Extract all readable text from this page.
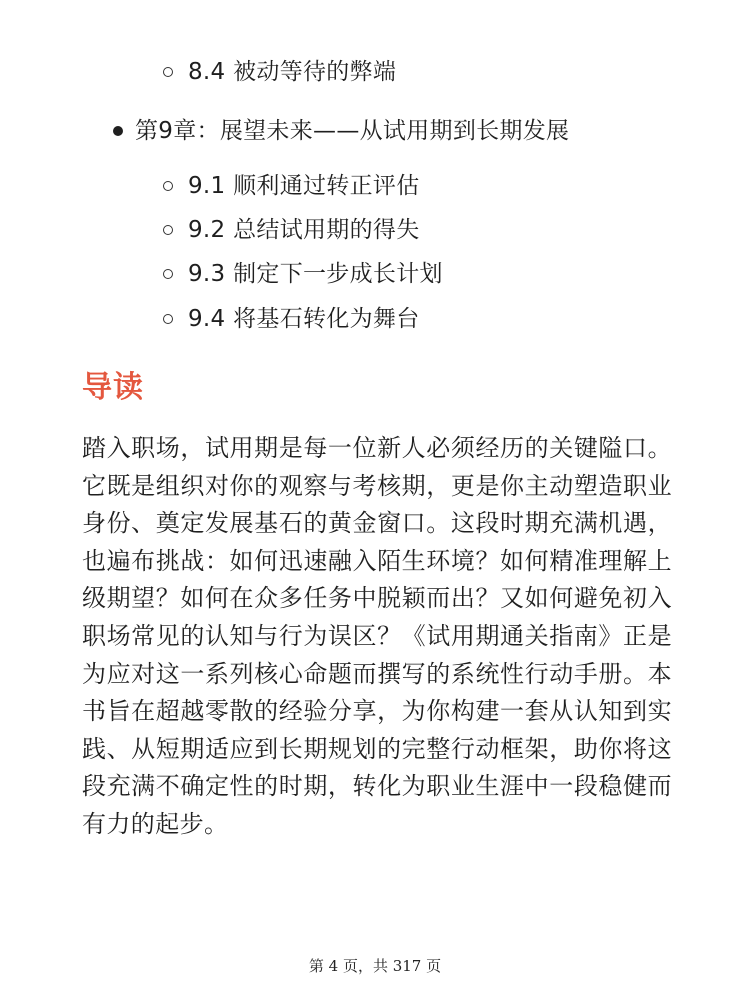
8.4 被动等待的弊端
第9章：展望未来——从试用期到长期发展
9.1 顺利通过转正评估
9.2 总结试用期的得失
9.3 制定下一步成长计划
9.4 将基石转化为舞台
导读

踏入职场，试用期是每一位新人必须经历的关键隘口。它既是组织对你的观察与考核期，更是你主动塑造职业身份、奠定发展基石的黄金窗口。这段时期充满机遇，也遍布挑战：如何迅速融入陌生环境？如何精准理解上级期望？如何在众多任务中脱颖而出？又如何避免初入职场常见的认知与行为误区？《试用期通关指南》正是为应对这一系列核心命题而撰写的系统性行动手册。本书旨在超越零散的经验分享，为你构建一套从认知到实践、从短期适应到长期规划的完整行动框架，助你将这段充满不确定性的时期，转化为职业生涯中一段稳健而有力的起步。

第 4 页，共 317 页
